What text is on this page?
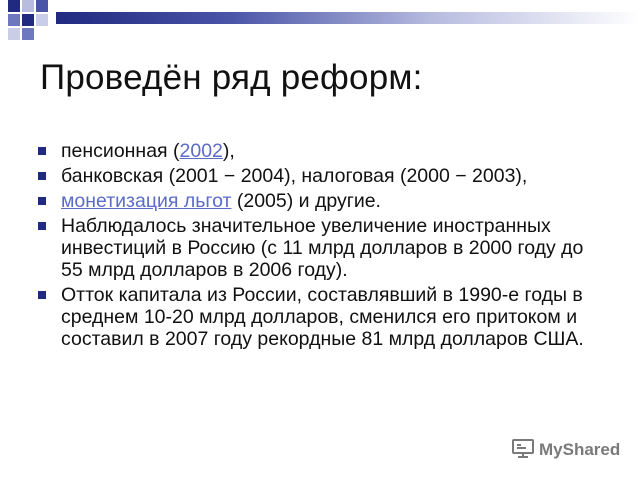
Проведён ряд реформ:
пенсионная (2002),
банковская (2001 − 2004), налоговая (2000 − 2003),
монетизация льгот (2005) и другие.
Наблюдалось значительное увеличение иностранных инвестиций в Россию (с 11 млрд долларов в 2000 году до 55 млрд долларов в 2006 году).
Отток капитала из России, составлявший в 1990-е годы в среднем 10-20 млрд долларов, сменился его притоком и составил в 2007 году рекордные 81 млрд долларов США.
MyShared
